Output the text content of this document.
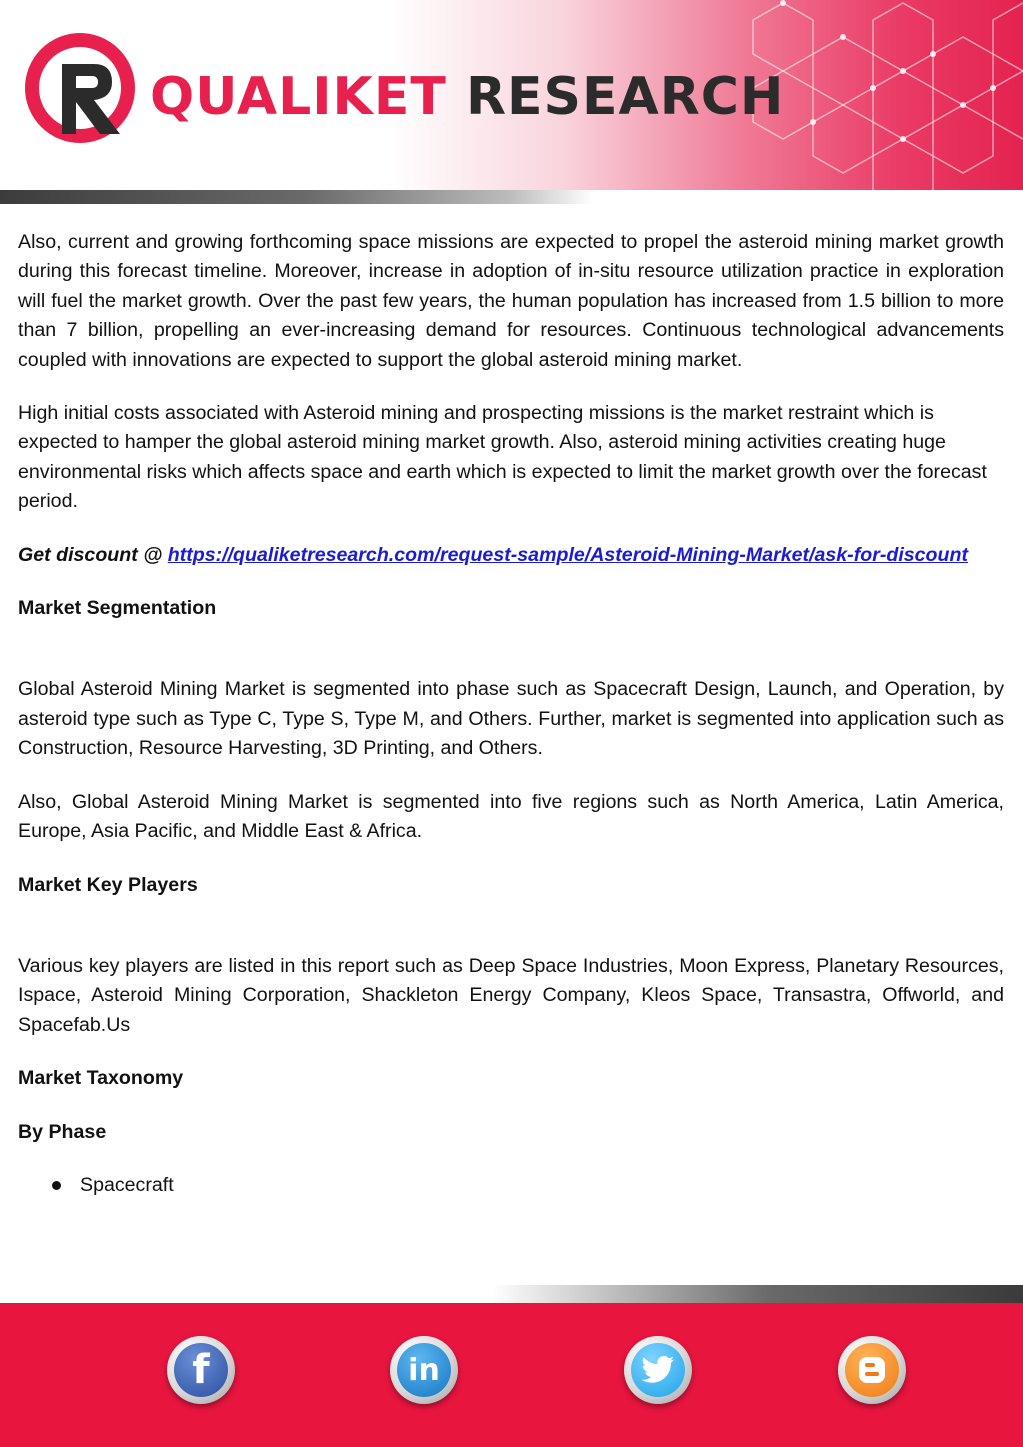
QUALIKET RESEARCH

Also, current and growing forthcoming space missions are expected to propel the asteroid mining market growth during this forecast timeline. Moreover, increase in adoption of in-situ resource utilization practice in exploration will fuel the market growth. Over the past few years, the human population has increased from 1.5 billion to more than 7 billion, propelling an ever-increasing demand for resources. Continuous technological advancements coupled with innovations are expected to support the global asteroid mining market.

High initial costs associated with Asteroid mining and prospecting missions is the market restraint which is expected to hamper the global asteroid mining market growth. Also, asteroid mining activities creating huge environmental risks which affects space and earth which is expected to limit the market growth over the forecast period.

Get discount @ https://qualiketresearch.com/request-sample/Asteroid-Mining-Market/ask-for-discount

Market Segmentation

Global Asteroid Mining Market is segmented into phase such as Spacecraft Design, Launch, and Operation, by asteroid type such as Type C, Type S, Type M, and Others. Further, market is segmented into application such as Construction, Resource Harvesting, 3D Printing, and Others.

Also, Global Asteroid Mining Market is segmented into five regions such as North America, Latin America, Europe, Asia Pacific, and Middle East & Africa.

Market Key Players

Various key players are listed in this report such as Deep Space Industries, Moon Express, Planetary Resources, Ispace, Asteroid Mining Corporation, Shackleton Energy Company, Kleos Space, Transastra, Offworld, and Spacefab.Us

Market Taxonomy

By Phase

Spacecraft
f	in
